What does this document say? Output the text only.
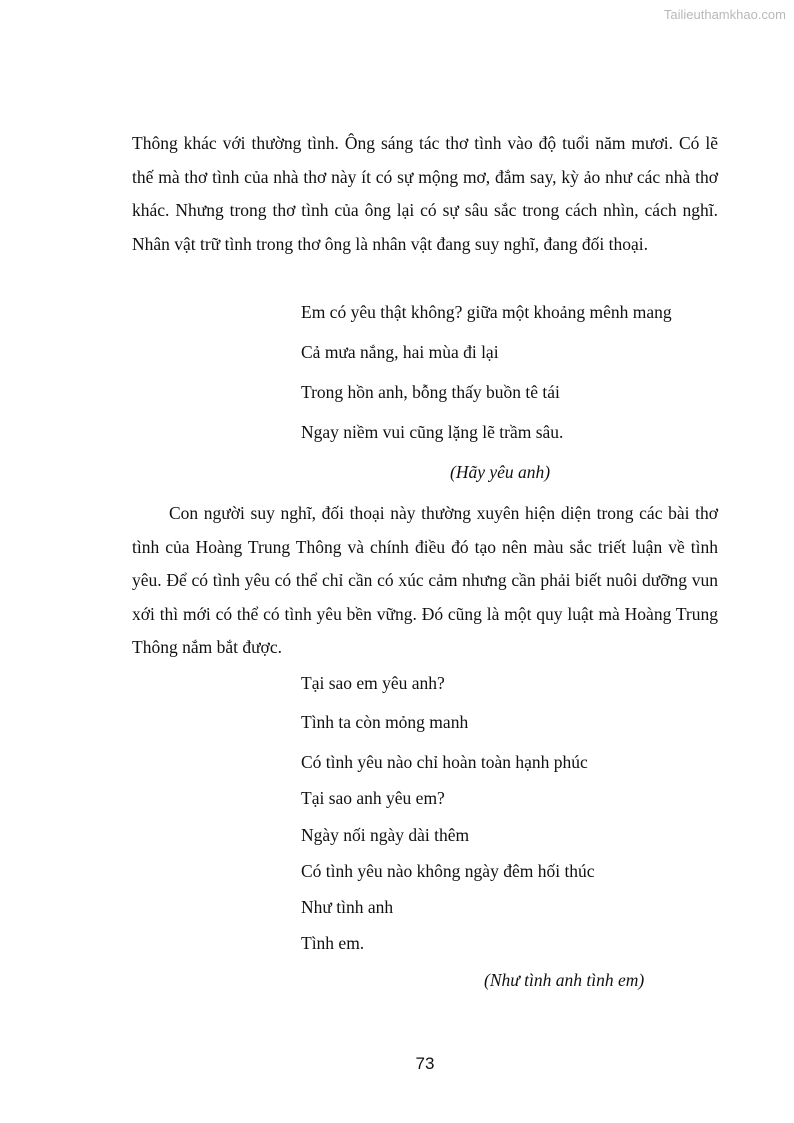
Tailieuthamkhao.com

Thông khác với thường tình. Ông sáng tác thơ tình vào độ tuổi năm mươi. Có lẽ thế mà thơ tình của nhà thơ này ít có sự mộng mơ, đắm say, kỳ ảo như các nhà thơ khác. Nhưng trong thơ tình của ông lại có sự sâu sắc trong cách nhìn, cách nghĩ. Nhân vật trữ tình trong thơ ông là nhân vật đang suy nghĩ, đang đối thoại.

Em có yêu thật không? giữa một khoảng mênh mang

Cả mưa nắng, hai mùa đi lại

Trong hồn anh, bỗng thấy buồn tê tái

Ngay niềm vui cũng lặng lẽ trầm sâu.

(Hãy yêu anh)

Con người suy nghĩ, đối thoại này thường xuyên hiện diện trong các bài thơ tình của Hoàng Trung Thông và chính điều đó tạo nên màu sắc triết luận về tình yêu. Để có tình yêu có thể chỉ cần có xúc cảm nhưng cần phải biết nuôi dưỡng vun xới thì mới có thể có tình yêu bền vững. Đó cũng là một quy luật mà Hoàng Trung Thông nắm bắt được.

Tại sao em yêu anh?

Tình ta còn mỏng manh

Có tình yêu nào chỉ hoàn toàn hạnh phúc

Tại sao anh yêu em?

Ngày nối ngày dài thêm

Có tình yêu nào không ngày đêm hối thúc

Như tình anh

Tình em.

(Như tình anh tình em)

73
